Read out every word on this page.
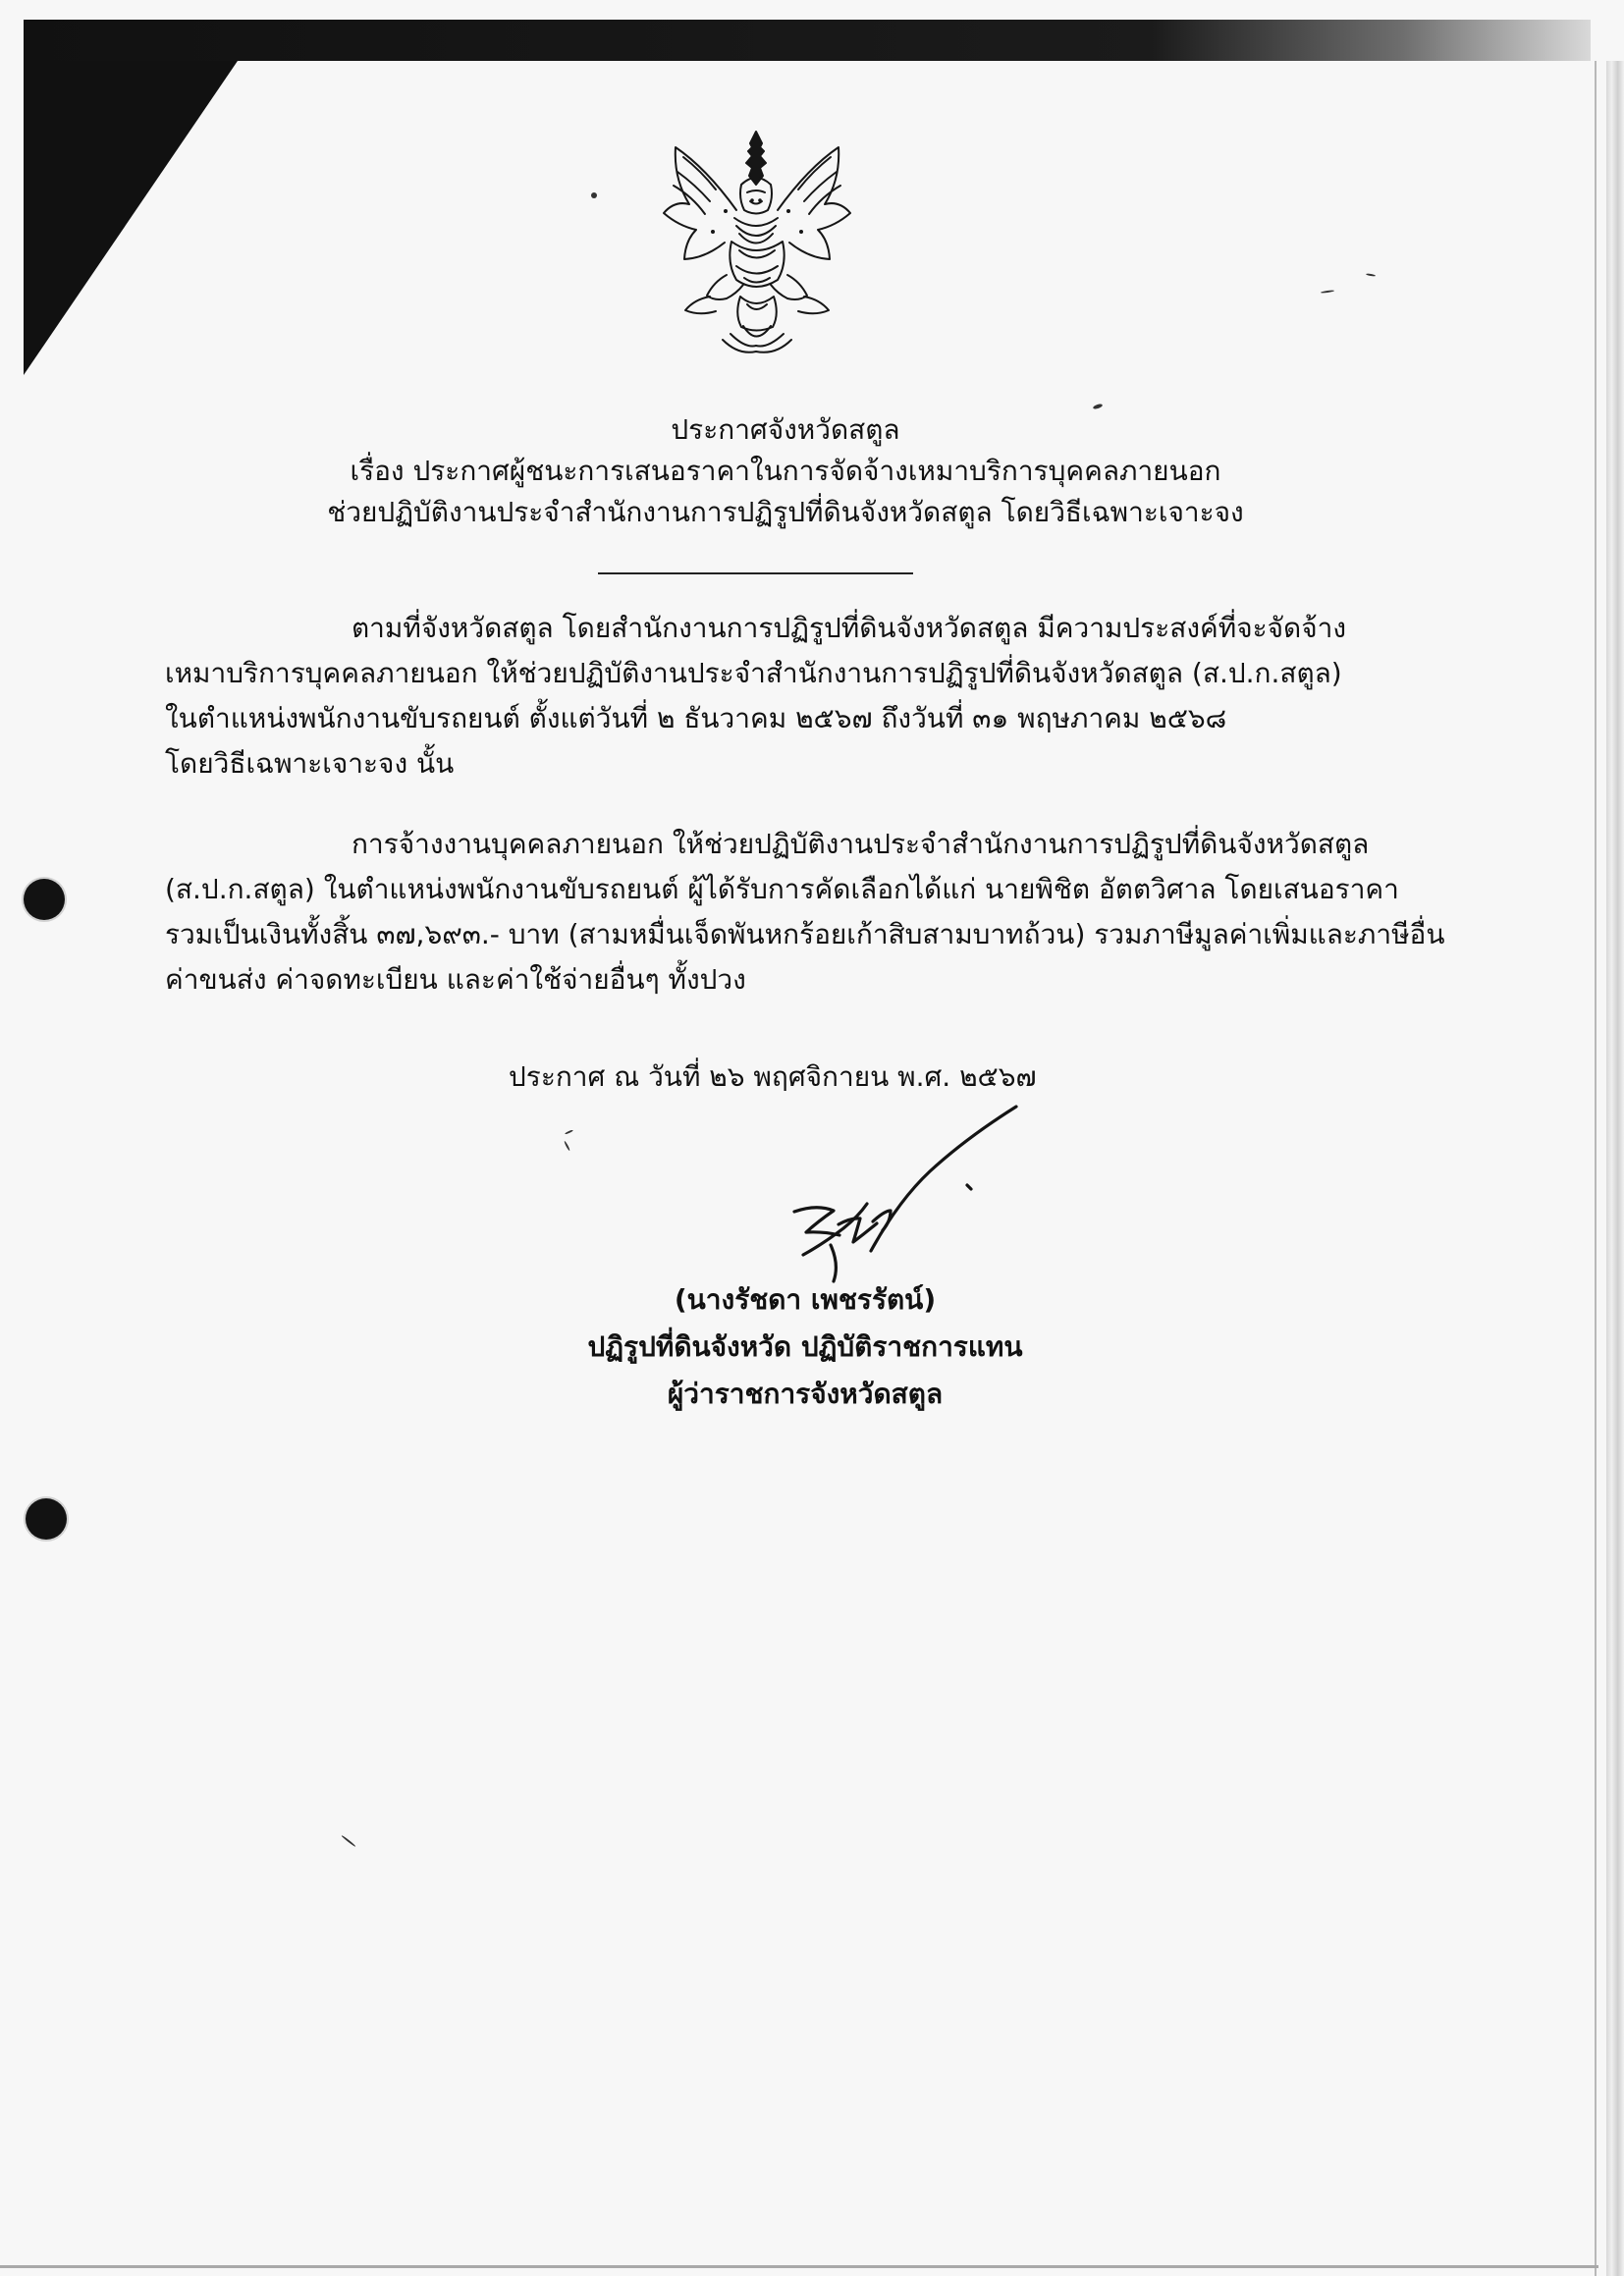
ประกาศจังหวัดสตูล
เรื่อง ประกาศผู้ชนะการเสนอราคาในการจัดจ้างเหมาบริการบุคคลภายนอก
ช่วยปฏิบัติงานประจำสำนักงานการปฏิรูปที่ดินจังหวัดสตูล โดยวิธีเฉพาะเจาะจง
ตามที่จังหวัดสตูล โดยสำนักงานการปฏิรูปที่ดินจังหวัดสตูล มีความประสงค์ที่จะจัดจ้าง
เหมาบริการบุคคลภายนอก ให้ช่วยปฏิบัติงานประจำสำนักงานการปฏิรูปที่ดินจังหวัดสตูล (ส.ป.ก.สตูล)
ในตำแหน่งพนักงานขับรถยนต์ ตั้งแต่วันที่ ๒ ธันวาคม ๒๕๖๗ ถึงวันที่ ๓๑ พฤษภาคม ๒๕๖๘
โดยวิธีเฉพาะเจาะจง นั้น
การจ้างงานบุคคลภายนอก ให้ช่วยปฏิบัติงานประจำสำนักงานการปฏิรูปที่ดินจังหวัดสตูล
(ส.ป.ก.สตูล) ในตำแหน่งพนักงานขับรถยนต์ ผู้ได้รับการคัดเลือกได้แก่ นายพิชิต อัตตวิศาล โดยเสนอราคา
รวมเป็นเงินทั้งสิ้น ๓๗,๖๙๓.- บาท (สามหมื่นเจ็ดพันหกร้อยเก้าสิบสามบาทถ้วน) รวมภาษีมูลค่าเพิ่มและภาษีอื่น
ค่าขนส่ง ค่าจดทะเบียน และค่าใช้จ่ายอื่นๆ ทั้งปวง
ประกาศ ณ วันที่ ๒๖ พฤศจิกายน พ.ศ. ๒๕๖๗
(นางรัชดา เพชรรัตน์)
ปฏิรูปที่ดินจังหวัด ปฏิบัติราชการแทน
ผู้ว่าราชการจังหวัดสตูล
